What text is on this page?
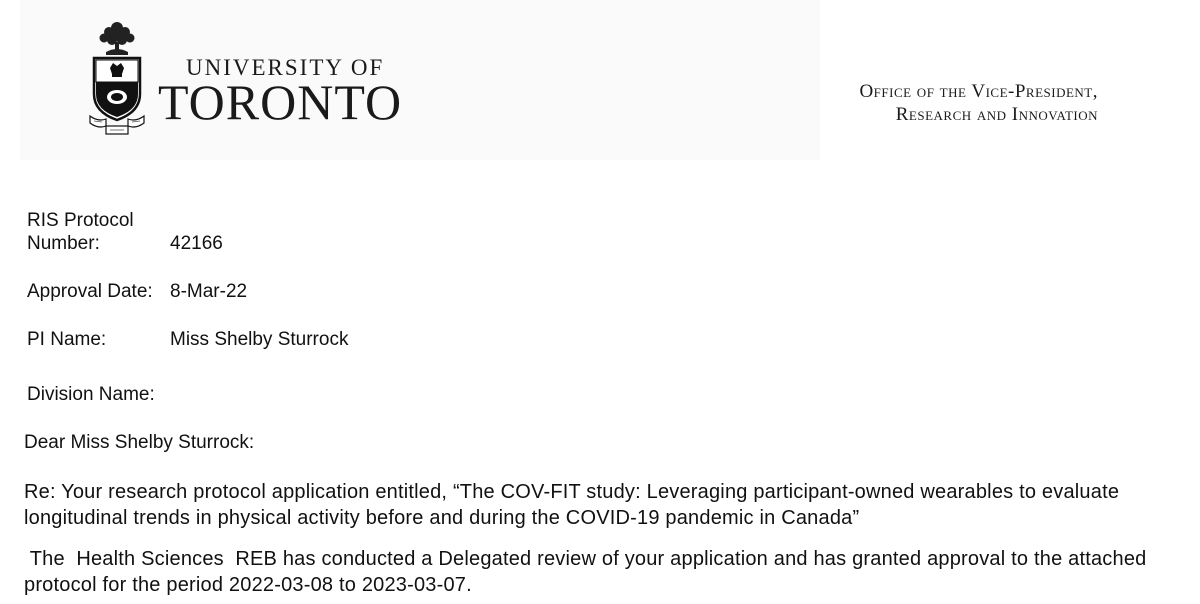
UNIVERSITY OF
TORONTO	Office of the Vice-President,
Research and Innovation
RIS Protocol
Number:	42166
Approval Date: 8-Mar-22
PI Name:	Miss Shelby Sturrock
Division Name:
Dear Miss Shelby Sturrock:
Re: Your research protocol application entitled, “The COV-FIT study: Leveraging participant-owned wearables to evaluate longitudinal trends in physical activity before and during the COVID-19 pandemic in Canada”
The  Health Sciences  REB has conducted a Delegated review of your application and has granted approval to the attached protocol for the period 2022-03-08 to 2023-03-07.
